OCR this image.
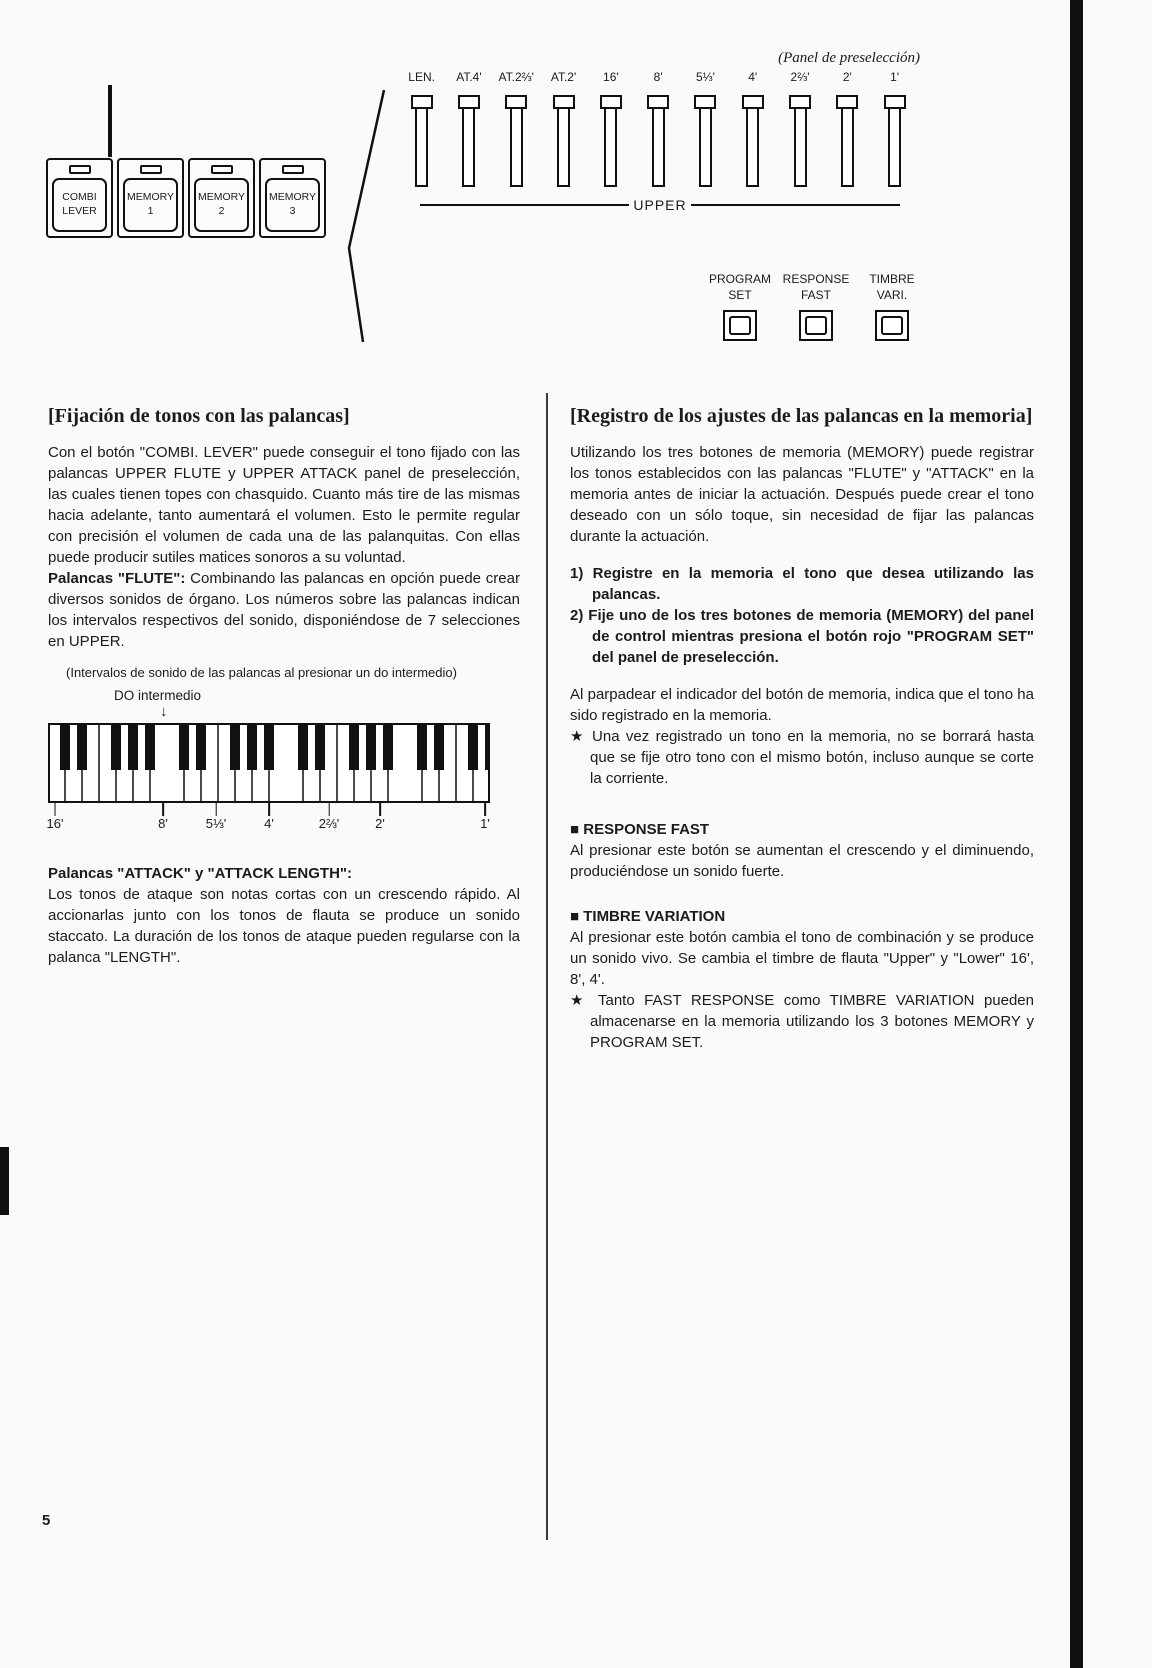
(Panel de preselección)
LEN. AT.4' AT.2⅔' AT.2' 16'	8'	5⅓'	4'	2⅔'	2'	1'
UPPER
COMBI
LEVER
MEMORY
1
MEMORY
2
MEMORY
3
PROGRAM
SET
RESPONSE
FAST
TIMBRE
VARI.
[Fijación de tonos con las palancas]

Con el botón "COMBI. LEVER" puede conseguir el tono fijado con las palancas UPPER FLUTE y UPPER ATTACK panel de preselección, las cuales tienen topes con chasquido. Cuanto más tire de las mismas hacia adelante, tanto aumentará el volumen. Esto le permite regular con precisión el volumen de cada una de las palanquitas. Con ellas puede producir sutiles matices sonoros a su voluntad.

Palancas "FLUTE": Combinando las palancas en opción puede crear diversos sonidos de órgano. Los números sobre las palancas indican los intervalos respectivos del sonido, disponiéndose de 7 selecciones en UPPER.

(Intervalos de sonido de las palancas al presionar un do intermedio)
DO intermedio
↓
16'	8'	5⅓'	4'	2⅔'	2'	1'

Palancas "ATTACK" y "ATTACK LENGTH":

Los tonos de ataque son notas cortas con un crescendo rápido. Al accionarlas junto con los tonos de flauta se produce un sonido staccato. La duración de los tonos de ataque pueden regularse con la palanca "LENGTH".

[Registro de los ajustes de las palancas en la memoria]

Utilizando los tres botones de memoria (MEMORY) puede registrar los tonos establecidos con las palancas "FLUTE" y "ATTACK" en la memoria antes de iniciar la actuación. Después puede crear el tono deseado con un sólo toque, sin necesidad de fijar las palancas durante la actuación.

1) Registre en la memoria el tono que desea utilizando las palancas.
2) Fije uno de los tres botones de memoria (MEMORY) del panel de control mientras presiona el botón rojo "PROGRAM SET" del panel de preselección.

Al parpadear el indicador del botón de memoria, indica que el tono ha sido registrado en la memoria.

★ Una vez registrado un tono en la memoria, no se borrará hasta que se fije otro tono con el mismo botón, incluso aunque se corte la corriente.

■ RESPONSE FAST

Al presionar este botón se aumentan el crescendo y el diminuendo, produciéndose un sonido fuerte.

■ TIMBRE VARIATION

Al presionar este botón cambia el tono de combinación y se produce un sonido vivo. Se cambia el timbre de flauta "Upper" y "Lower" 16', 8', 4'.

★ Tanto FAST RESPONSE como TIMBRE VARIATION pueden almacenarse en la memoria utilizando los 3 botones MEMORY y PROGRAM SET.

5
